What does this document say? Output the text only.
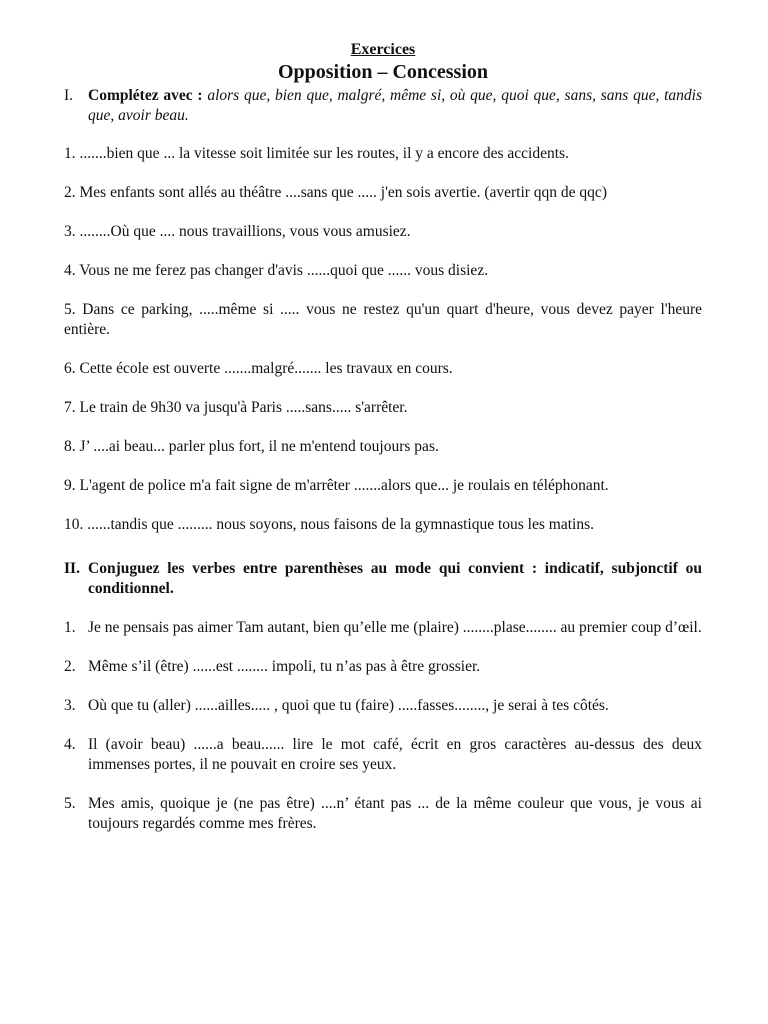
Exercices

Opposition – Concession

I. Complétez avec : alors que, bien que, malgré, même si, où que, quoi que, sans, sans que, tandis que, avoir beau.

1. .......bien que ... la vitesse soit limitée sur les routes, il y a encore des accidents.

2. Mes enfants sont allés au théâtre ....sans que ..... j'en sois avertie. (avertir qqn de qqc)

3. ........Où que .... nous travaillions, vous vous amusiez.

4. Vous ne me ferez pas changer d'avis ......quoi que ...... vous disiez.

5. Dans ce parking, .....même si ..... vous ne restez qu'un quart d'heure, vous devez payer l'heure entière.

6. Cette école est ouverte .......malgré....... les travaux en cours.

7. Le train de 9h30 va jusqu'à Paris .....sans..... s'arrêter.

8. J’ ....ai beau... parler plus fort, il ne m'entend toujours pas.

9. L'agent de police m'a fait signe de m'arrêter .......alors que... je roulais en téléphonant.

10. ......tandis que ......... nous soyons, nous faisons de la gymnastique tous les matins.

II. Conjuguez les verbes entre parenthèses au mode qui convient : indicatif, subjonctif ou conditionnel.
1. Je ne pensais pas aimer Tam autant, bien qu’elle me (plaire) ........plase........ au premier coup d’œil.
2. Même s’il (être) ......est ........ impoli, tu n’as pas à être grossier.
3. Où que tu (aller) ......ailles..... , quoi que tu (faire) .....fasses........, je serai à tes côtés.
4. Il (avoir beau) ......a beau...... lire le mot café, écrit en gros caractères au-dessus des deux immenses portes, il ne pouvait en croire ses yeux.
5. Mes amis, quoique je (ne pas être) ....n’ étant pas ... de la même couleur que vous, je vous ai toujours regardés comme mes frères.
